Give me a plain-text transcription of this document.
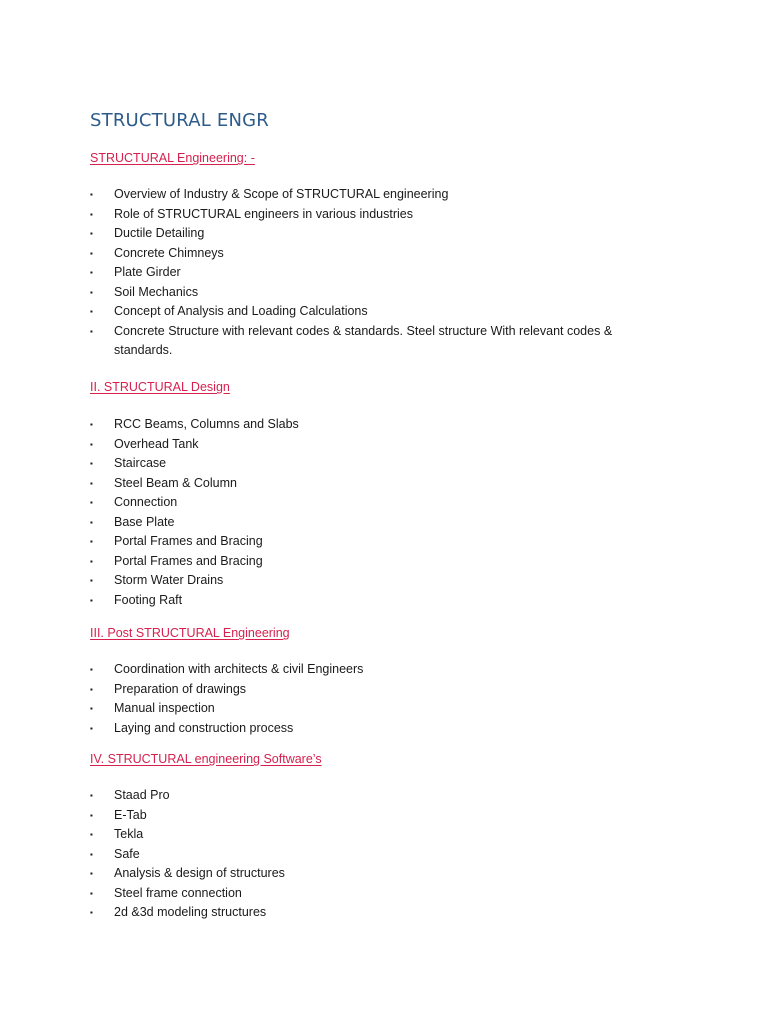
STRUCTURAL ENGR
STRUCTURAL Engineering: -
▪ Overview of Industry & Scope of STRUCTURAL engineering
▪ Role of STRUCTURAL engineers in various industries
▪ Ductile Detailing
▪ Concrete Chimneys
▪ Plate Girder
▪ Soil Mechanics
▪ Concept of Analysis and Loading Calculations
▪ Concrete Structure with relevant codes & standards. Steel structure With relevant codes & standards.
II. STRUCTURAL Design
▪ RCC Beams, Columns and Slabs
▪ Overhead Tank
▪ Staircase
▪ Steel Beam & Column
▪ Connection
▪ Base Plate
▪ Portal Frames and Bracing
▪ Portal Frames and Bracing
▪ Storm Water Drains
▪ Footing Raft
III. Post STRUCTURAL Engineering
▪ Coordination with architects & civil Engineers
▪ Preparation of drawings
▪ Manual inspection
▪ Laying and construction process
IV. STRUCTURAL engineering Software’s
▪ Staad Pro
▪ E-Tab
▪ Tekla
▪ Safe
▪ Analysis & design of structures
▪ Steel frame connection
▪ 2d &3d modeling structures
